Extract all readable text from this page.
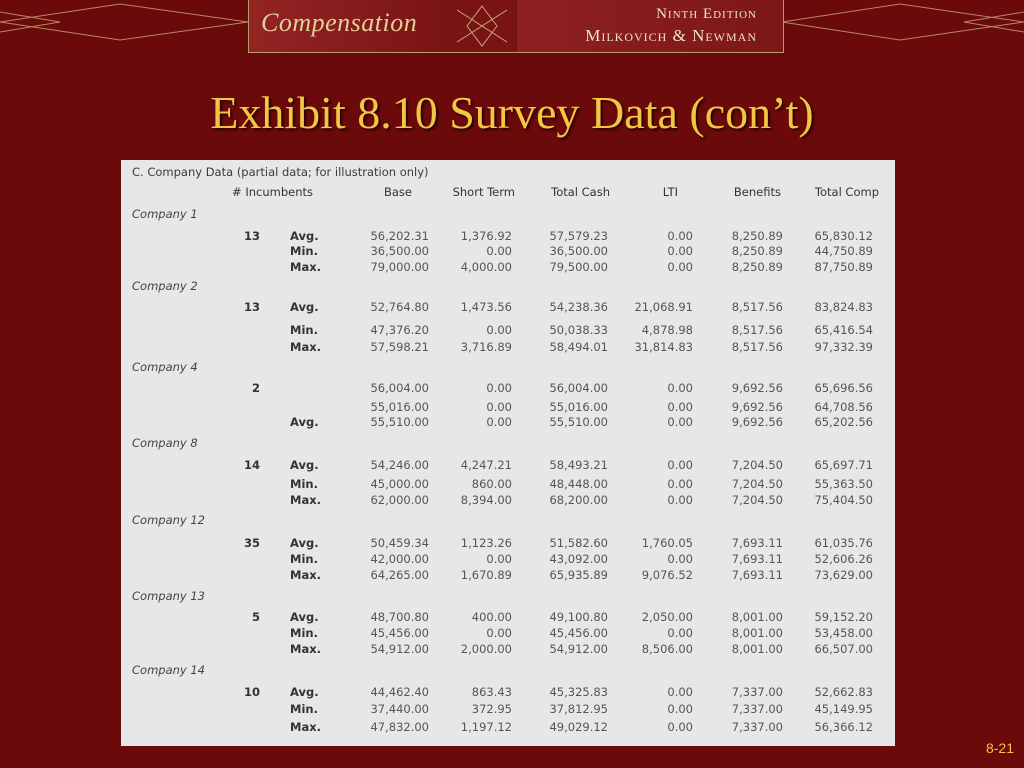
Compensation	Ninth Edition
Milkovich & Newman
Exhibit 8.10 Survey Data (con’t)
C. Company Data (partial data; for illustration only)
# Incumbents	Base	Short Term	Total Cash	LTI	Benefits	Total Comp
Company 1
13	Avg.	56,202.31	1,376.92	57,579.23	0.00	8,250.89	65,830.12
Min.	36,500.00	0.00	36,500.00	0.00	8,250.89	44,750.89
Max.	79,000.00	4,000.00	79,500.00	0.00	8,250.89	87,750.89
Company 2
13	Avg.	52,764.80	1,473.56	54,238.36	21,068.91	8,517.56	83,824.83
Min.	47,376.20	0.00	50,038.33	4,878.98	8,517.56	65,416.54
Max.	57,598.21	3,716.89	58,494.01	31,814.83	8,517.56	97,332.39
Company 4
2	56,004.00	0.00	56,004.00	0.00	9,692.56	65,696.56
55,016.00	0.00	55,016.00	0.00	9,692.56	64,708.56
Avg.	55,510.00	0.00	55,510.00	0.00	9,692.56	65,202.56
Company 8
14	Avg.	54,246.00	4,247.21	58,493.21	0.00	7,204.50	65,697.71
Min.	45,000.00	860.00	48,448.00	0.00	7,204.50	55,363.50
Max.	62,000.00	8,394.00	68,200.00	0.00	7,204.50	75,404.50
Company 12
35	Avg.	50,459.34	1,123.26	51,582.60	1,760.05	7,693.11	61,035.76
Min.	42,000.00	0.00	43,092.00	0.00	7,693.11	52,606.26
Max.	64,265.00	1,670.89	65,935.89	9,076.52	7,693.11	73,629.00
Company 13
5	Avg.	48,700.80	400.00	49,100.80	2,050.00	8,001.00	59,152.20
Min.	45,456.00	0.00	45,456.00	0.00	8,001.00	53,458.00
Max.	54,912.00	2,000.00	54,912.00	8,506.00	8,001.00	66,507.00
Company 14
10	Avg.	44,462.40	863.43	45,325.83	0.00	7,337.00	52,662.83
Min.	37,440.00	372.95	37,812.95	0.00	7,337.00	45,149.95
Max.	47,832.00	1,197.12	49,029.12	0.00	7,337.00	56,366.12
8-21
